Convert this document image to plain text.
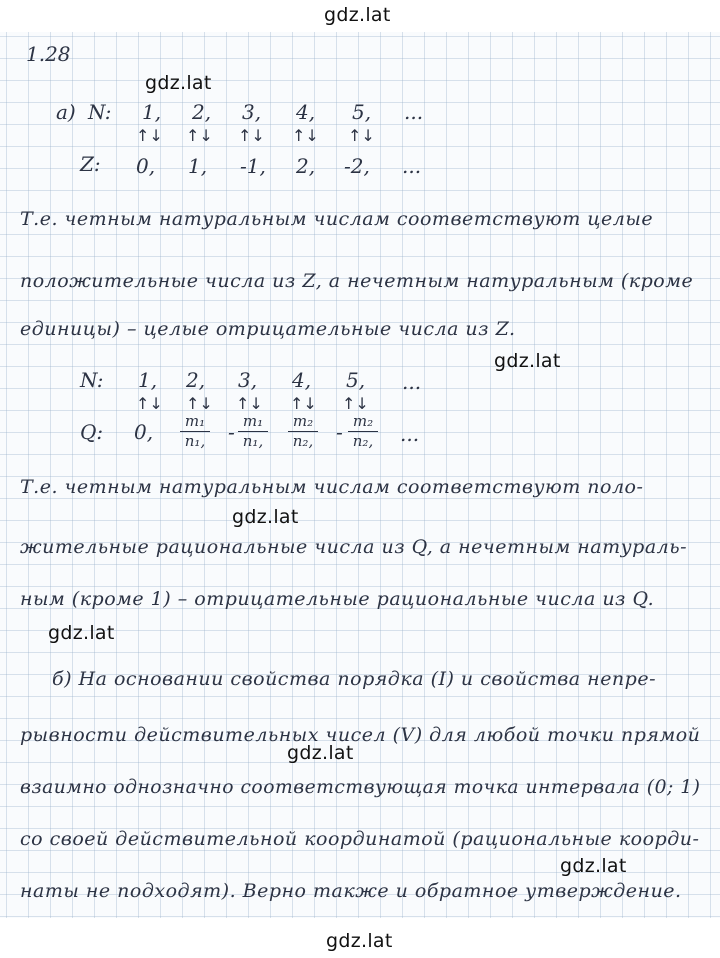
gdz.lat
gdz.lat
gdz.lat
gdz.lat
gdz.lat
gdz.lat
gdz.lat
gdz.lat
1.28
а) N: 1, 2, 3, 4, 5, ...
↑↓ ↑↓ ↑↓ ↑↓ ↑↓
Z: 0, 1, -1, 2, -2, ...
Т.е. четным натуральным числам соответствуют целые
положительные числа из Z, а нечетным натуральным (кроме
единицы) – целые отрицательные числа из Z.
N: 1, 2, 3, 4, 5, ...
↑↓ ↑↓ ↑↓ ↑↓ ↑↓
Q: 0, m₁
n₁, - m₁
n₁,
m₂
n₂, - m₂
n₂, ...
Т.е. четным натуральным числам соответствуют поло-
жительные рациональные числа из Q, а нечетным натураль-
ным (кроме 1) – отрицательные рациональные числа из Q.
б) На основании свойства порядка (I) и свойства непре-
рывности действительных чисел (V) для любой точки прямой
взаимно однозначно соответствующая точка интервала (0; 1)
со своей действительной координатой (рациональные коорди-
наты не подходят). Верно также и обратное утверждение.
